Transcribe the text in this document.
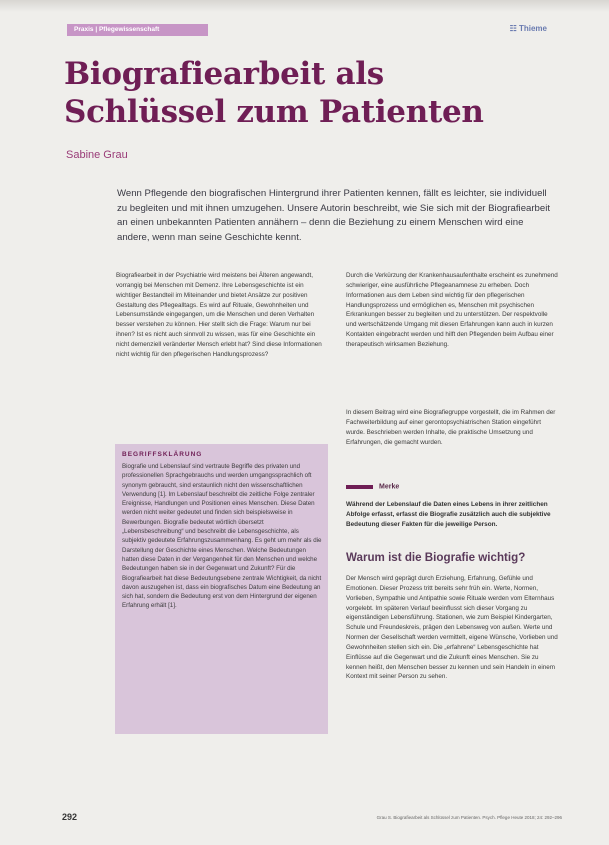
Praxis | Pflegewissenschaft	☷ Thieme
Biografiearbeit als Schlüssel zum Patienten
Sabine Grau

Wenn Pflegende den biografischen Hintergrund ihrer Patienten kennen, fällt es leichter, sie individuell zu begleiten und mit ihnen umzugehen. Unsere Autorin beschreibt, wie Sie sich mit der Biografiearbeit an einen unbekannten Patienten annähern – denn die Beziehung zu einem Menschen wird eine andere, wenn man seine Geschichte kennt.

Biografiearbeit in der Psychiatrie wird meistens bei Älteren angewandt, vorrangig bei Menschen mit Demenz. Ihre Lebensgeschichte ist ein wichtiger Bestandteil im Miteinander und bietet Ansätze zur positiven Gestaltung des Pflegealltags. Es wird auf Rituale, Gewohnheiten und Lebensumstände eingegangen, um die Menschen und deren Verhalten besser verstehen zu können. Hier stellt sich die Frage: Warum nur bei ihnen? Ist es nicht auch sinnvoll zu wissen, was für eine Geschichte ein nicht demenziell veränderter Mensch erlebt hat? Sind diese Informationen nicht wichtig für den pflegerischen Handlungsprozess?

BEGRIFFSKLÄRUNG

Biografie und Lebenslauf sind vertraute Begriffe des privaten und professionellen Sprachgebrauchs und werden umgangssprachlich oft synonym gebraucht, sind erstaunlich nicht den wissenschaftlichen Verwendung [1]. Im Lebenslauf beschreibt die zeitliche Folge zentraler Ereignisse, Handlungen und Positionen eines Menschen. Diese Daten werden nicht weiter gedeutet und finden sich beispielsweise in Bewerbungen. Biografie bedeutet wörtlich übersetzt „Lebensbeschreibung“ und beschreibt die Lebensgeschichte, als subjektiv gedeutete Erfahrungszusammenhang. Es geht um mehr als die Darstellung der Geschichte eines Menschen. Welche Bedeutungen hatten diese Daten in der Vergangenheit für den Menschen und welche Bedeutungen haben sie in der Gegenwart und Zukunft? Für die Biografiearbeit hat diese Bedeutungsebene zentrale Wichtigkeit, da nicht davon auszugehen ist, dass ein biografisches Datum eine Bedeutung an sich hat, sondern die Bedeutung erst von dem Hintergrund der eigenen Erfahrung erhält [1].

Durch die Verkürzung der Krankenhausaufenthalte erscheint es zunehmend schwieriger, eine ausführliche Pflegeanamnese zu erheben. Doch Informationen aus dem Leben sind wichtig für den pflegerischen Handlungsprozess und ermöglichen es, Menschen mit psychischen Erkrankungen besser zu begleiten und zu unterstützen. Der respektvolle und wertschätzende Umgang mit diesen Erfahrungen kann auch in kurzen Kontakten eingebracht werden und hilft den Pflegenden beim Aufbau einer therapeutisch wirksamen Beziehung.

In diesem Beitrag wird eine Biografiegruppe vorgestellt, die im Rahmen der Fachweiterbildung auf einer gerontopsychiatrischen Station eingeführt wurde. Beschrieben werden Inhalte, die praktische Umsetzung und Erfahrungen, die gemacht wurden.

Merke

Während der Lebenslauf die Daten eines Lebens in ihrer zeitlichen Abfolge erfasst, erfasst die Biografie zusätzlich auch die subjektive Bedeutung dieser Fakten für die jeweilige Person.

Warum ist die Biografie wichtig?

Der Mensch wird geprägt durch Erziehung, Erfahrung, Gefühle und Emotionen. Dieser Prozess tritt bereits sehr früh ein. Werte, Normen, Vorlieben, Sympathie und Antipathie sowie Rituale werden vom Elternhaus vorgelebt. Im späteren Verlauf beeinflusst sich dieser Vorgang zu eigenständigen Lebensführung. Stationen, wie zum Beispiel Kindergarten, Schule und Freundeskreis, prägen den Lebensweg von außen. Werte und Normen der Gesellschaft werden vermittelt, eigene Wünsche, Vorlieben und Gewohnheiten stellen sich ein. Die „erfahrene“ Lebensgeschichte hat Einflüsse auf die Gegenwart und die Zukunft eines Menschen. Sie zu kennen heißt, den Menschen besser zu kennen und sein Handeln in einem Kontext mit seiner Person zu sehen.

292	Grau S. Biografiearbeit als Schlüssel zum Patienten. Psych. Pflege Heute 2018; 24: 292–296
